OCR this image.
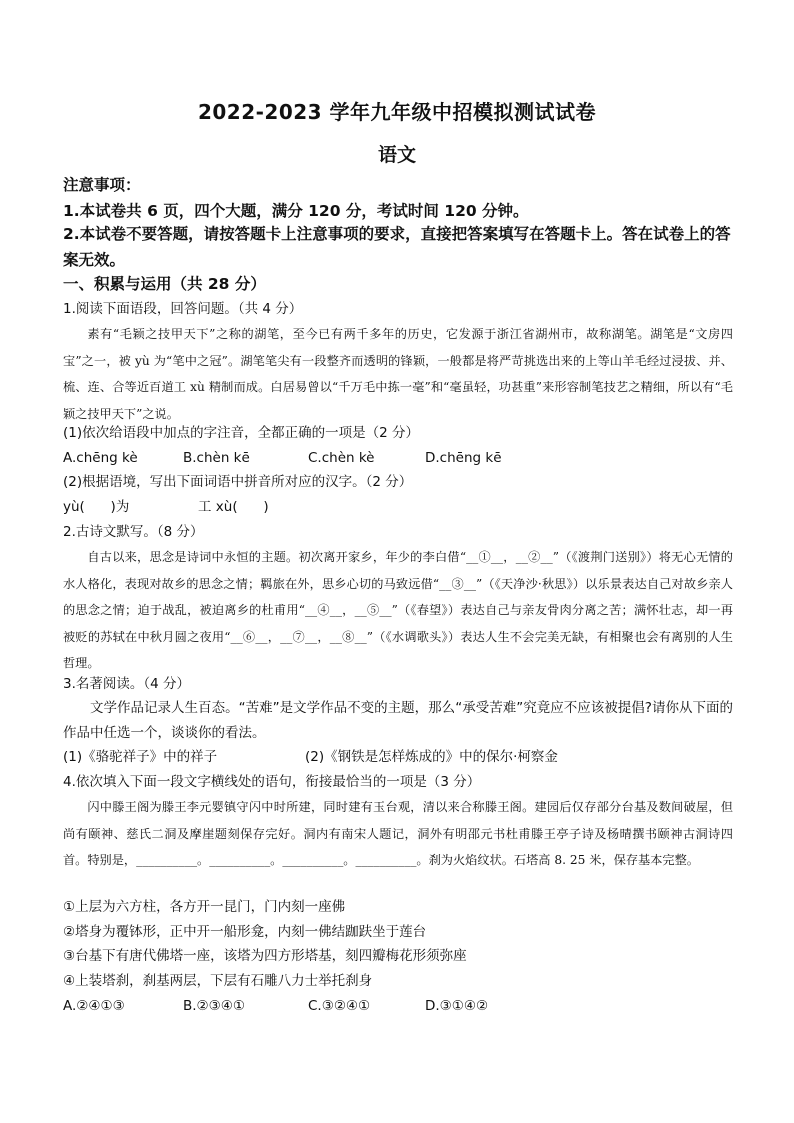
2022-2023 学年九年级中招模拟测试试卷
语文
注意事项：
1.本试卷共 6 页，四个大题，满分 120 分，考试时间 120 分钟。
2.本试卷不要答题，请按答题卡上注意事项的要求，直接把答案填写在答题卡上。答在试卷上的答案无效。
一、积累与运用（共 28 分）
1.阅读下面语段，回答问题。（共 4 分）
素有“毛颖之技甲天下”之称的湖笔，至今已有两千多年的历史，它发源于浙江省湖州市，故称湖笔。湖笔是“文房四宝”之一，被 yù 为“笔中之冠”。湖笔笔尖有一段整齐而透明的锋颖，一般都是将严苛挑选出来的上等山羊毛经过浸拔、并、梳、连、合等近百道工 xù 精制而成。白居易曾以“千万毛中拣一毫”和“毫虽轻，功甚重”来形容制笔技艺之精细，所以有“毛颖之技甲天下”之说。
(1)依次给语段中加点的字注音，全都正确的一项是（2 分）
A.chēng kè	B.chèn kē	C.chèn kè	D.chēng kē
(2)根据语境，写出下面词语中拼音所对应的汉字。（2 分）
yù(      )为                工 xù(      )
2.古诗文默写。（8 分）
自古以来，思念是诗词中永恒的主题。初次离开家乡，年少的李白借“__①__，__②__”（《渡荆门送别》）将无心无情的水人格化，表现对故乡的思念之情；羁旅在外，思乡心切的马致远借“__③__”（《天净沙·秋思》）以乐景表达自己对故乡亲人的思念之情；迫于战乱，被迫离乡的杜甫用“__④__，__⑤__”（《春望》）表达自己与亲友骨肉分离之苦；满怀壮志，却一再被贬的苏轼在中秋月圆之夜用“__⑥__，__⑦__，__⑧__”（《水调歌头》）表达人生不会完美无缺，有相聚也会有离别的人生哲理。
3.名著阅读。（4 分）
文学作品记录人生百态。“苦难”是文学作品不变的主题，那么“承受苦难”究竟应不应该被提倡?请你从下面的作品中任选一个，谈谈你的看法。
(1)《骆驼祥子》中的祥子	(2)《钢铁是怎样炼成的》中的保尔·柯察金
4.依次填入下面一段文字横线处的语句，衔接最恰当的一项是（3 分）
闪中滕王阁为滕王李元婴镇守闪中时所建，同时建有玉台观，清以来合称滕王阁。建园后仅存部分台基及数间破屋，但尚有颐神、慈氏二洞及摩崖题刻保存完好。洞内有南宋人题记，洞外有明邵元书杜甫滕王亭子诗及杨晴撰书颐神古洞诗四首。特别是，__________。__________。__________。__________。刹为火焰纹状。石塔高 8. 25 米，保存基本完整。
①上层为六方柱，各方开一昆门，门内刻一座佛
②塔身为覆钵形，正中开一船形龛，内刻一佛结跏趺坐于莲台
③台基下有唐代佛塔一座，该塔为四方形塔基，刻四瓣梅花形须弥座
④上装塔刹，刹基两层，下层有石雕八力士举托刹身
A.②④①③	B.②③④①	C.③②④①	D.③①④②
